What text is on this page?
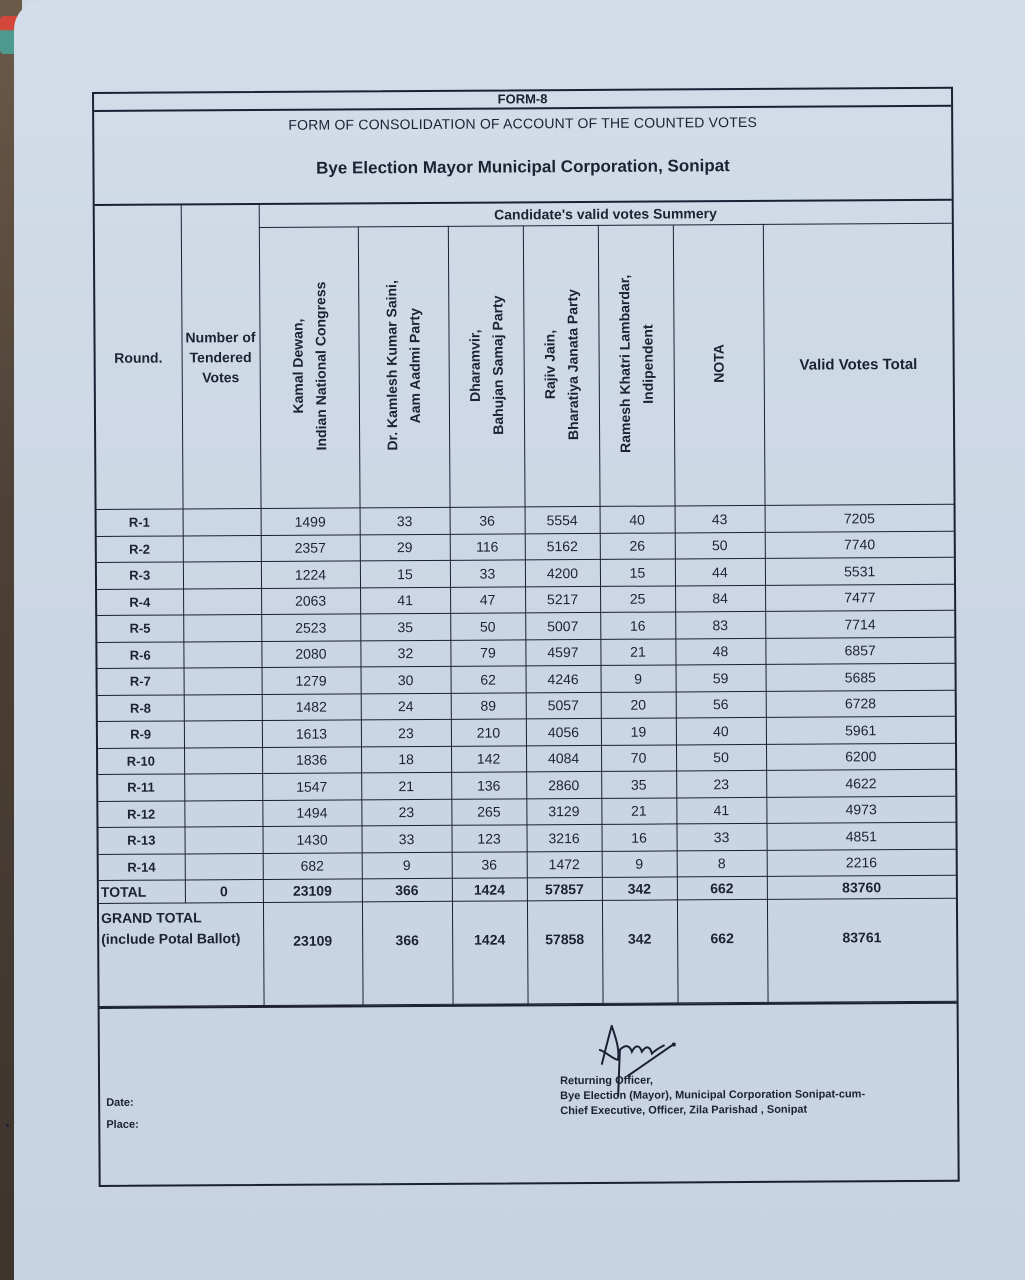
FORM-8
FORM OF CONSOLIDATION OF ACCOUNT OF THE COUNTED VOTES
Bye Election Mayor Municipal Corporation, Sonipat
Round.	Number of
Tendered
Votes	Candidate's valid votes Summery						
		Kamal Dewan, Indian National Congress	Dr. Kamlesh Kumar Saini, Aam Aadmi Party	Dharamvir, Bahujan Samaj Party	Rajiv Jain, Bharatiya Janata Party	Ramesh Khatri Lambardar, Indipendent	NOTA	Valid Votes Total
R-1		1499	33	36	5554	40	43	7205
R-2		2357	29	116	5162	26	50	7740
R-3		1224	15	33	4200	15	44	5531
R-4		2063	41	47	5217	25	84	7477
R-5		2523	35	50	5007	16	83	7714
R-6		2080	32	79	4597	21	48	6857
R-7		1279	30	62	4246	9	59	5685
R-8		1482	24	89	5057	20	56	6728
R-9		1613	23	210	4056	19	40	5961
R-10		1836	18	142	4084	70	50	6200
R-11		1547	21	136	2860	35	23	4622
R-12		1494	23	265	3129	21	41	4973
R-13		1430	33	123	3216	16	33	4851
R-14		682	9	36	1472	9	8	2216
TOTAL	0	23109	366	1424	57857	342	662	83760

GRAND TOTAL
(include Potal Ballot)		23109	366	1424	57858	342	662	83761
Date:
Place:
Returning Officer,
Bye Election (Mayor), Municipal Corporation Sonipat-cum-
Chief Executive, Officer, Zila Parishad , Sonipat
